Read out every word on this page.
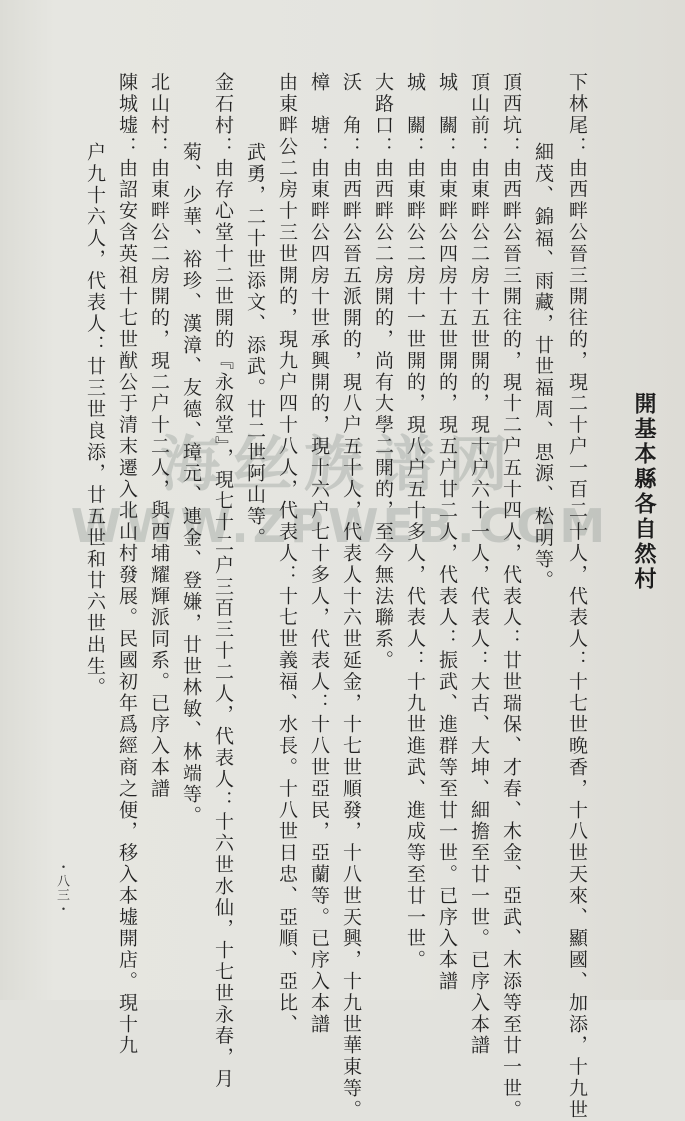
海丝族谱网
WWW.ZPWEB.COM 開基本縣各自然村
下林尾：由西畔公晉三開往的，現二十户一百二十人，代表人：十七世晚香，十八世天來、顯國、加添，十九世
細茂、錦福、雨藏，廿世福周、思源、松明等。
頂西坑：由西畔公晉三開往的，現十二户五十四人，代表人：廿世瑞保、才春、木金、亞武、木添等至廿一世。
頂山前：由東畔公二房十五世開的，現十户六十一人，代表人：大古、大坤、細擔至廿一世。已序入本譜
城　關：由東畔公四房十五世開的，現五户廿二人，代表人：振武、進群等至廿一世。已序入本譜
城　關：由東畔公二房十一世開的，現八户五十多人，代表人：十九世進武、進成等至廿一世。
大路口：由西畔公二房開的，尚有大學二開的，至今無法聯系。
沃　角：由西畔公晉五派開的，現八户五十人，代表人十六世延金，十七世順發，十八世天興，十九世華東等。
樟　塘：由東畔公四房十世承興開的，現十六户七十多人，代表人：十八世亞民，亞蘭等。已序入本譜
由東畔公二房十三世開的，現九户四十八人，代表人：十七世義福、水長。十八世日忠、亞順、亞比、
武勇，二十世添文、添武。廿二世阿山等。
金石村：由存心堂十二世開的『永叙堂』，現七十二户三百三十二人，代表人：十六世水仙，十七世永春，月
菊、少華、裕珍、漢漳、友德、璋元、連金、登嫌，廿世林敏、林端等。
北山村：由東畔公二房開的，現二户十二人，與西埔耀輝派同系。已序入本譜
陳城墟：由詔安含英祖十七世猷公于清末遷入北山村發展。民國初年爲經商之便，移入本墟開店。現十九
户九十六人，代表人：廿三世良添，廿五世和廿六世出生。
・八三・
